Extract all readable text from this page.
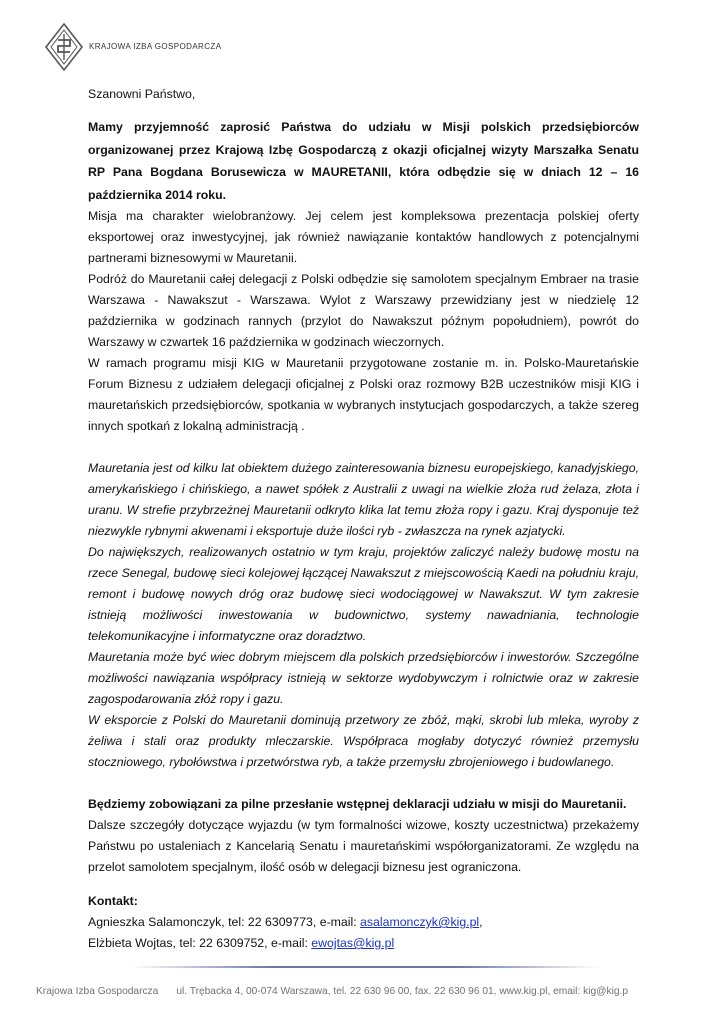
KRAJOWA IZBA GOSPODARCZA

Szanowni Państwo,

Mamy przyjemność zaprosić Państwa do udziału w Misji polskich przedsiębiorców organizowanej przez Krajową Izbę Gospodarczą z okazji oficjalnej wizyty Marszałka Senatu RP Pana Bogdana Borusewicza w MAURETANII, która odbędzie się w dniach 12 – 16 października 2014 roku.

Misja ma charakter wielobranżowy. Jej celem jest kompleksowa prezentacja polskiej oferty eksportowej oraz inwestycyjnej, jak również nawiązanie kontaktów handlowych z potencjalnymi partnerami biznesowymi w Mauretanii.

Podróż do Mauretanii całej delegacji z Polski odbędzie się samolotem specjalnym Embraer na trasie Warszawa - Nawakszut - Warszawa. Wylot z Warszawy przewidziany jest w niedzielę 12 października w godzinach rannych (przylot do Nawakszut późnym popołudniem), powrót do Warszawy w czwartek 16 października w godzinach wieczornych.

W ramach programu misji KIG w Mauretanii przygotowane zostanie m. in. Polsko-Mauretańskie Forum Biznesu z udziałem delegacji oficjalnej z Polski oraz rozmowy B2B uczestników misji KIG i mauretańskich przedsiębiorców, spotkania w wybranych instytucjach gospodarczych, a także szereg innych spotkań z lokalną administracją .

Mauretania jest od kilku lat obiektem dużego zainteresowania biznesu europejskiego, kanadyjskiego, amerykańskiego i chińskiego, a nawet spółek z Australii z uwagi na wielkie złoża rud żelaza, złota i uranu. W strefie przybrzeżnej Mauretanii odkryto klika lat temu złoża ropy i gazu. Kraj dysponuje też niezwykle rybnymi akwenami i eksportuje duże ilości ryb - zwłaszcza na rynek azjatycki.

Do największych, realizowanych ostatnio w tym kraju, projektów zaliczyć należy budowę mostu na rzece Senegal, budowę sieci kolejowej łączącej Nawakszut z miejscowością Kaedi na południu kraju, remont i budowę nowych dróg oraz budowę sieci wodociągowej w Nawakszut. W tym zakresie istnieją możliwości inwestowania w budownictwo, systemy nawadniania, technologie telekomunikacyjne i informatyczne oraz doradztwo.

Mauretania może być wiec dobrym miejscem dla polskich przedsiębiorców i inwestorów. Szczególne możliwości nawiązania współpracy istnieją w sektorze wydobywczym i rolnictwie oraz w zakresie zagospodarowania złóż ropy i gazu.

W eksporcie z Polski do Mauretanii dominują przetwory ze zbóż, mąki, skrobi lub mleka, wyroby z żeliwa i stali oraz produkty mleczarskie. Współpraca mogłaby dotyczyć również przemysłu stoczniowego, rybołówstwa i przetwórstwa ryb, a także przemysłu zbrojeniowego i budowlanego.

Będziemy zobowiązani za pilne przesłanie wstępnej deklaracji udziału w misji do Mauretanii.

Dalsze szczegóły dotyczące wyjazdu (w tym formalności wizowe, koszty uczestnictwa) przekażemy Państwu po ustaleniach z Kancelarią Senatu i mauretańskimi współorganizatorami. Ze względu na przelot samolotem specjalnym, ilość osób w delegacji biznesu jest ograniczona.

Kontakt:

Agnieszka Salamonczyk, tel: 22 6309773, e-mail: asalamonczyk@kig.pl,

Elżbieta Wojtas, tel: 22 6309752, e-mail: ewojtas@kig.pl

Krajowa Izba Gospodarcza ul. Trębacka 4, 00-074 Warszawa, tel. 22 630 96 00, fax. 22 630 96 01, www.kig.pl, email: kig@kig.p
